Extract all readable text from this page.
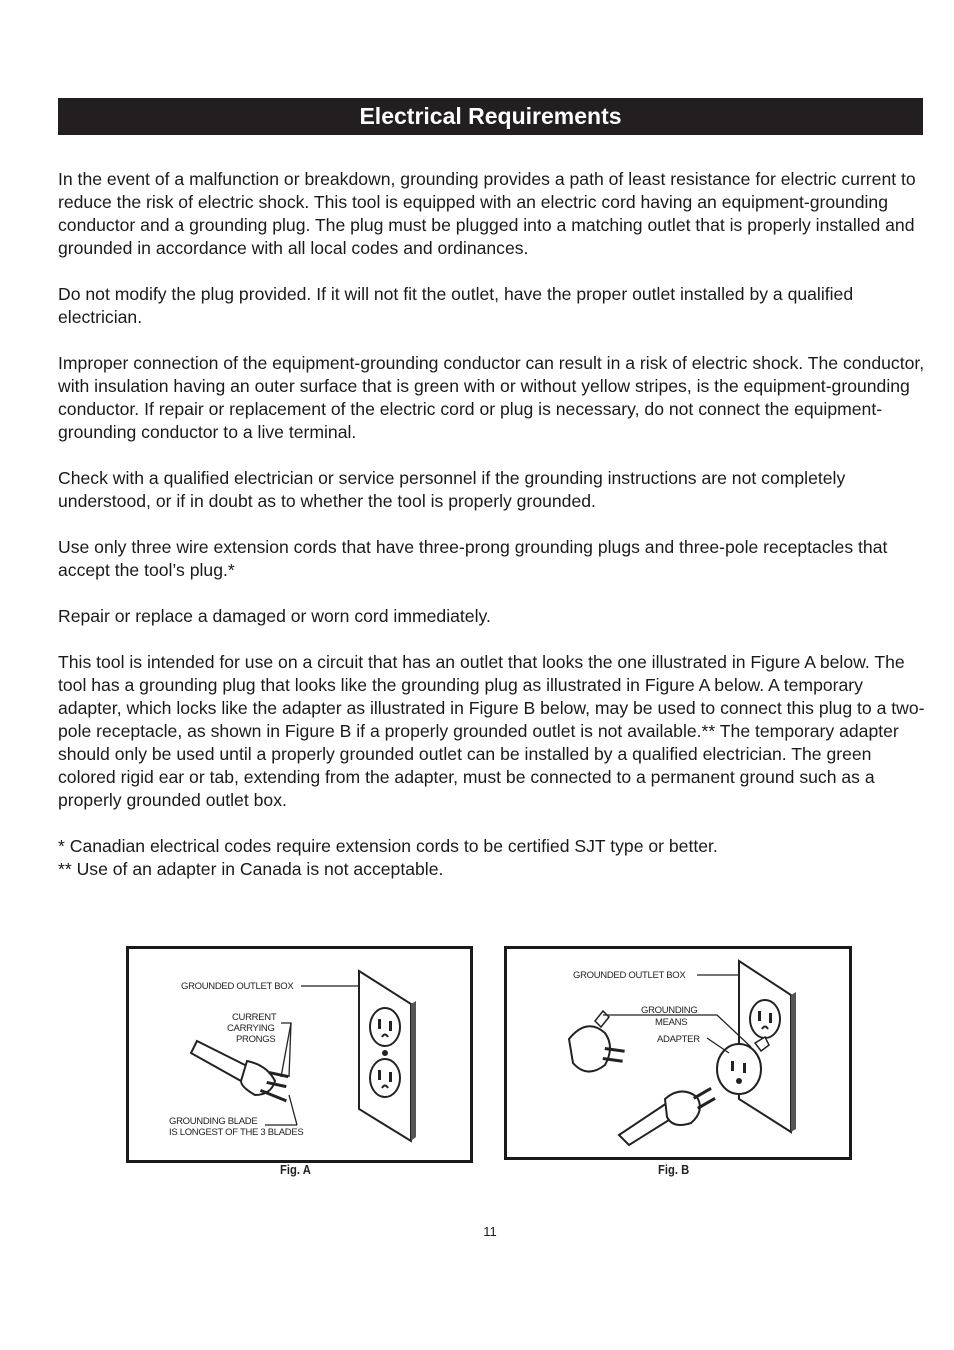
Electrical Requirements

In the event of a malfunction or breakdown, grounding provides a path of least resistance for electric current to reduce the risk of electric shock. This tool is equipped with an electric cord having an equipment-grounding conductor and a grounding plug. The plug must be plugged into a matching outlet that is properly installed and grounded in accordance with all local codes and ordinances.

Do not modify the plug provided. If it will not fit the outlet, have the proper outlet installed by a qualified electrician.

Improper connection of the equipment-grounding conductor can result in a risk of electric shock. The conductor, with insulation having an outer surface that is green with or without yellow stripes, is the equipment-grounding conductor. If repair or replacement of the electric cord or plug is necessary, do not connect the equipment-grounding conductor to a live terminal.

Check with a qualified electrician or service personnel if the grounding instructions are not completely understood, or if in doubt as to whether the tool is properly grounded.

Use only three wire extension cords that have three-prong grounding plugs and three-pole receptacles that accept the tool’s plug.*

Repair or replace a damaged or worn cord immediately.

This tool is intended for use on a circuit that has an outlet that looks the one illustrated in Figure A below. The tool has a grounding plug that looks like the grounding plug as illustrated in Figure A below. A temporary adapter, which locks like the adapter as illustrated in Figure B below, may be used to connect this plug to a two-pole receptacle, as shown in Figure B if a properly grounded outlet is not available.** The temporary adapter should only be used until a properly grounded outlet can be installed by a qualified electrician. The green colored rigid ear or tab, extending from the adapter, must be connected to a permanent ground such as a properly grounded outlet box.

* Canadian electrical codes require extension cords to be certified SJT type or better.

** Use of an adapter in Canada is not acceptable.

GROUNDED OUTLET BOX
CURRENT
CARRYING
PRONGS
GROUNDING BLADE
IS LONGEST OF THE 3 BLADES
Fig. A
GROUNDED OUTLET BOX
GROUNDING
MEANS
ADAPTER
Fig. B
11
